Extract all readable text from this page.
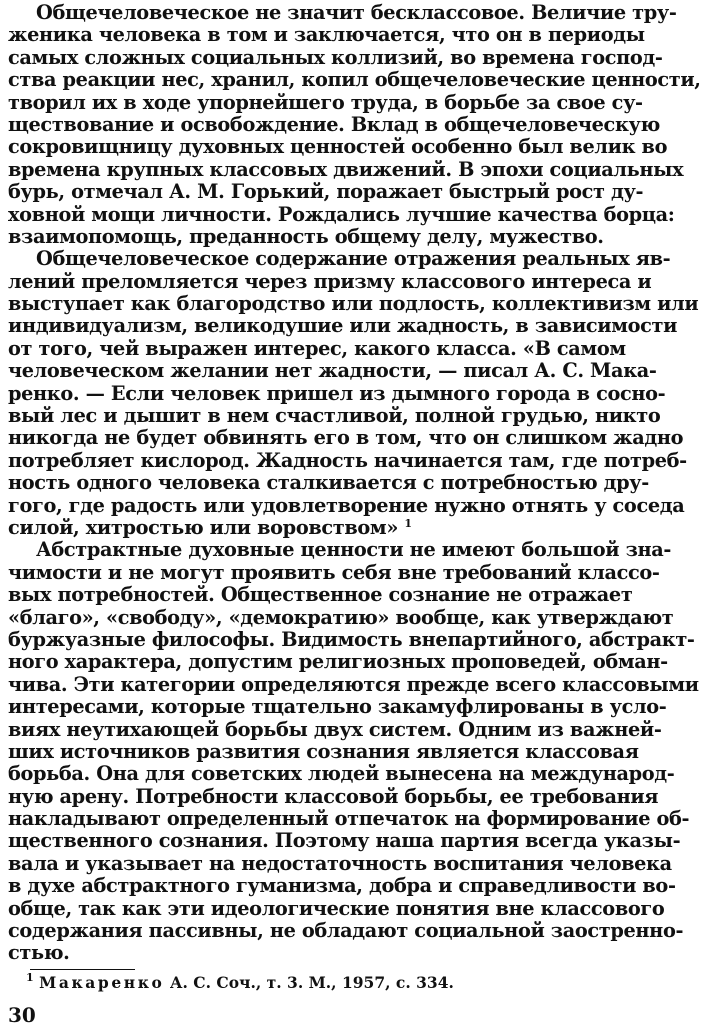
Общечеловеческое не значит бесклассовое. Величие тру-
женика человека в том и заключается, что он в периоды
самых сложных социальных коллизий, во времена господ-
ства реакции нес, хранил, копил общечеловеческие ценности,
творил их в ходе упорнейшего труда, в борьбе за свое су-
ществование и освобождение. Вклад в общечеловеческую
сокровищницу духовных ценностей особенно был велик во
времена крупных классовых движений. В эпохи социальных
бурь, отмечал А. М. Горький, поражает быстрый рост ду-
ховной мощи личности. Рождались лучшие качества борца:
взаимопомощь, преданность общему делу, мужество.
Общечеловеческое содержание отражения реальных яв-
лений преломляется через призму классового интереса и
выступает как благородство или подлость, коллективизм или
индивидуализм, великодушие или жадность, в зависимости
от того, чей выражен интерес, какого класса. «В самом
человеческом желании нет жадности, — писал А. С. Мака-
ренко. — Если человек пришел из дымного города в сосно-
вый лес и дышит в нем счастливой, полной грудью, никто
никогда не будет обвинять его в том, что он слишком жадно
потребляет кислород. Жадность начинается там, где потреб-
ность одного человека сталкивается с потребностью дру-
гого, где радость или удовлетворение нужно отнять у соседа
силой, хитростью или воровством» $^1$
Абстрактные духовные ценности не имеют большой зна-
чимости и не могут проявить себя вне требований классо-
вых потребностей. Общественное сознание не отражает
«благо», «свободу», «демократию» вообще, как утверждают
буржуазные философы. Видимость внепартийного, абстракт-
ного характера, допустим религиозных проповедей, обман-
чива. Эти категории определяются прежде всего классовыми
интересами, которые тщательно закамуфлированы в усло-
виях неутихающей борьбы двух систем. Одним из важней-
ших источников развития сознания является классовая
борьба. Она для советских людей вынесена на международ-
ную арену. Потребности классовой борьбы, ее требования
накладывают определенный отпечаток на формирование об-
щественного сознания. Поэтому наша партия всегда указы-
вала и указывает на недостаточность воспитания человека
в духе абстрактного гуманизма, добра и справедливости во-
обще, так как эти идеологические понятия вне классового
содержания пассивны, не обладают социальной заостренно-
стью.
$^1$ Макаренко А. С. Соч., т. 3. М., 1957, с. 334.
30
